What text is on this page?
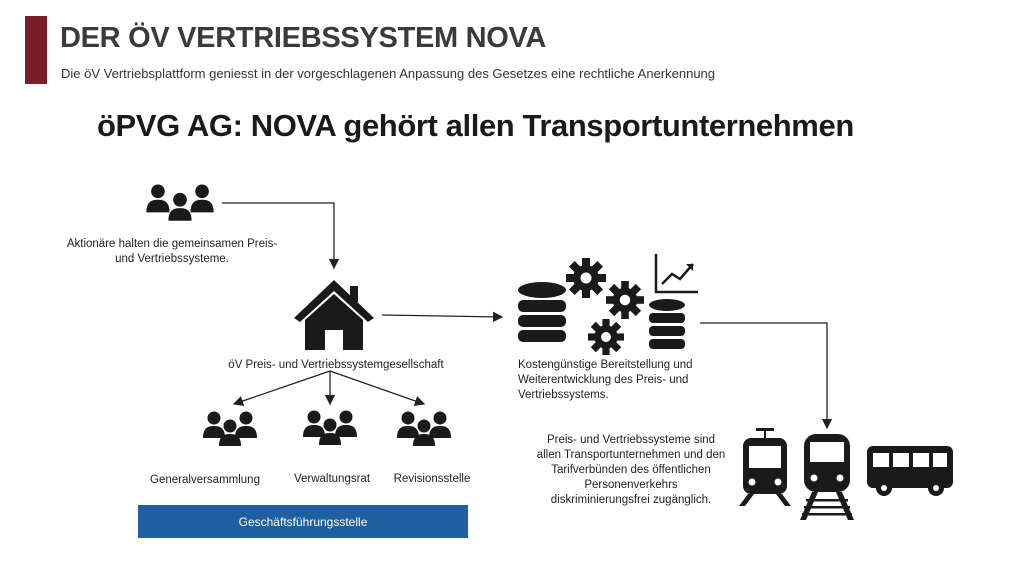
DER ÖV VERTRIEBSSYSTEM NOVA

Die öV Vertriebsplattform geniesst in der vorgeschlagenen Anpassung des Gesetzes eine rechtliche Anerkennung

öPVG AG: NOVA gehört allen Transportunternehmen
Aktionäre halten die gemeinsamen Preis- und Vertriebssysteme.
öV Preis- und Vertriebssystemgesellschaft
Generalversammlung	Verwaltungsrat	Revisionsstelle
Geschäftsführungsstelle
Kostengünstige Bereitstellung und Weiterentwicklung des Preis- und Vertriebssystems.
Preis- und Vertriebssysteme sind allen Transportunternehmen und den Tarifverbünden des öffentlichen Personenverkehrs diskriminierungsfrei zugänglich.
